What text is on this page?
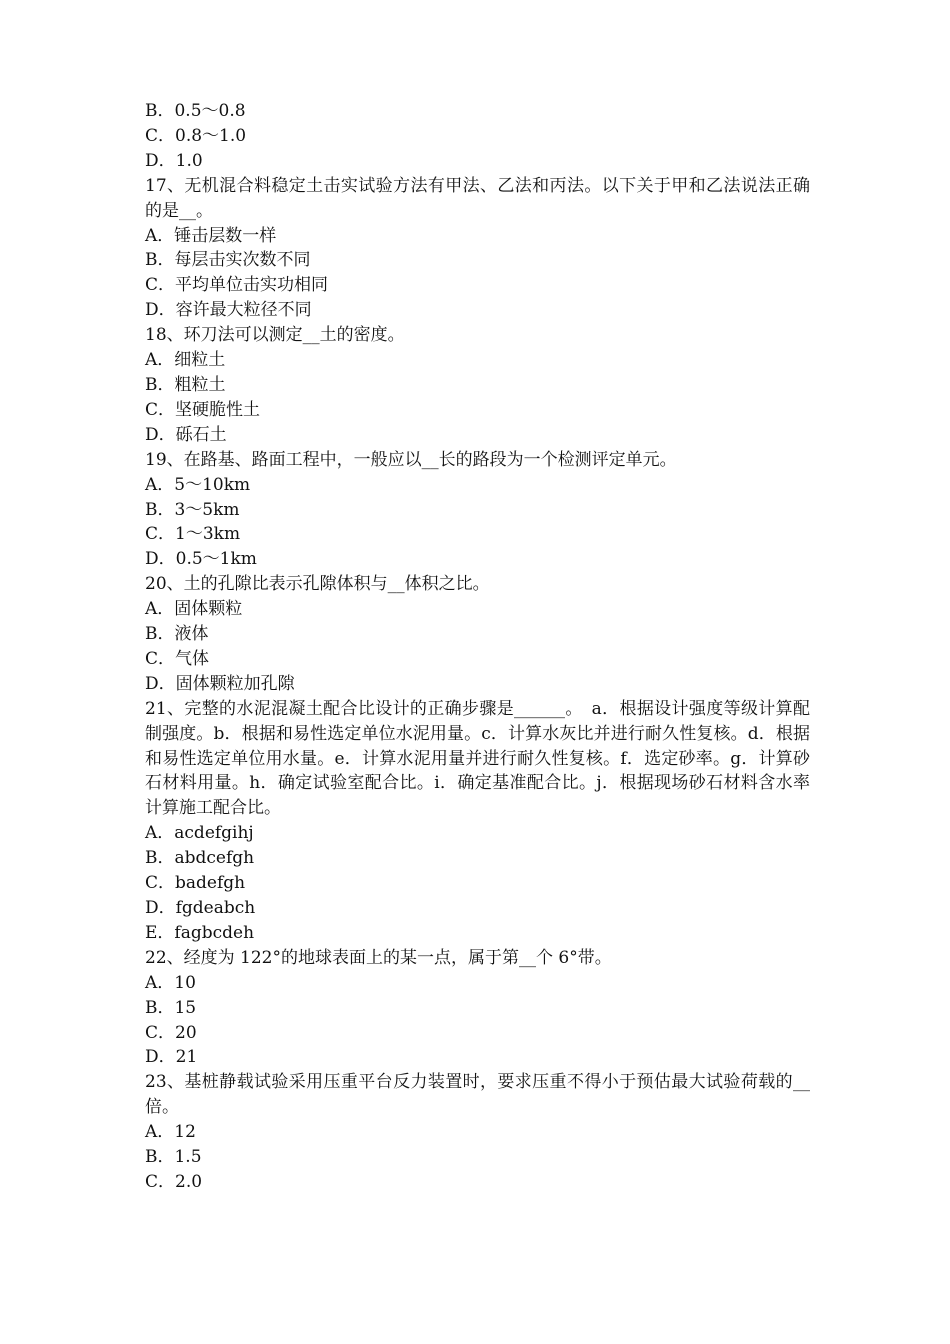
B．0.5～0.8
C．0.8～1.0
D．1.0
17、无机混合料稳定土击实试验方法有甲法、乙法和丙法。以下关于甲和乙法说法正确的是__。
A．锤击层数一样
B．每层击实次数不同
C．平均单位击实功相同
D．容许最大粒径不同
18、环刀法可以测定__土的密度。
A．细粒土
B．粗粒土
C．坚硬脆性土
D．砾石土
19、在路基、路面工程中，一般应以__长的路段为一个检测评定单元。
A．5～10km
B．3～5km
C．1～3km
D．0.5～1km
20、土的孔隙比表示孔隙体积与__体积之比。
A．固体颗粒
B．液体
C．气体
D．固体颗粒加孔隙
21、完整的水泥混凝土配合比设计的正确步骤是______。　a．根据设计强度等级计算配制强度。b．根据和易性选定单位水泥用量。c．计算水灰比并进行耐久性复核。d．根据和易性选定单位用水量。e．计算水泥用量并进行耐久性复核。f．选定砂率。g．计算砂石材料用量。h．确定试验室配合比。i．确定基准配合比。j．根据现场砂石材料含水率计算施工配合比。
A．acdefgihj
B．abdcefgh
C．badefgh
D．fgdeabch
E．fagbcdeh
22、经度为 122°的地球表面上的某一点，属于第__个 6°带。
A．10
B．15
C．20
D．21
23、基桩静载试验采用压重平台反力装置时，要求压重不得小于预估最大试验荷载的__倍。
A．12
B．1.5
C．2.0
